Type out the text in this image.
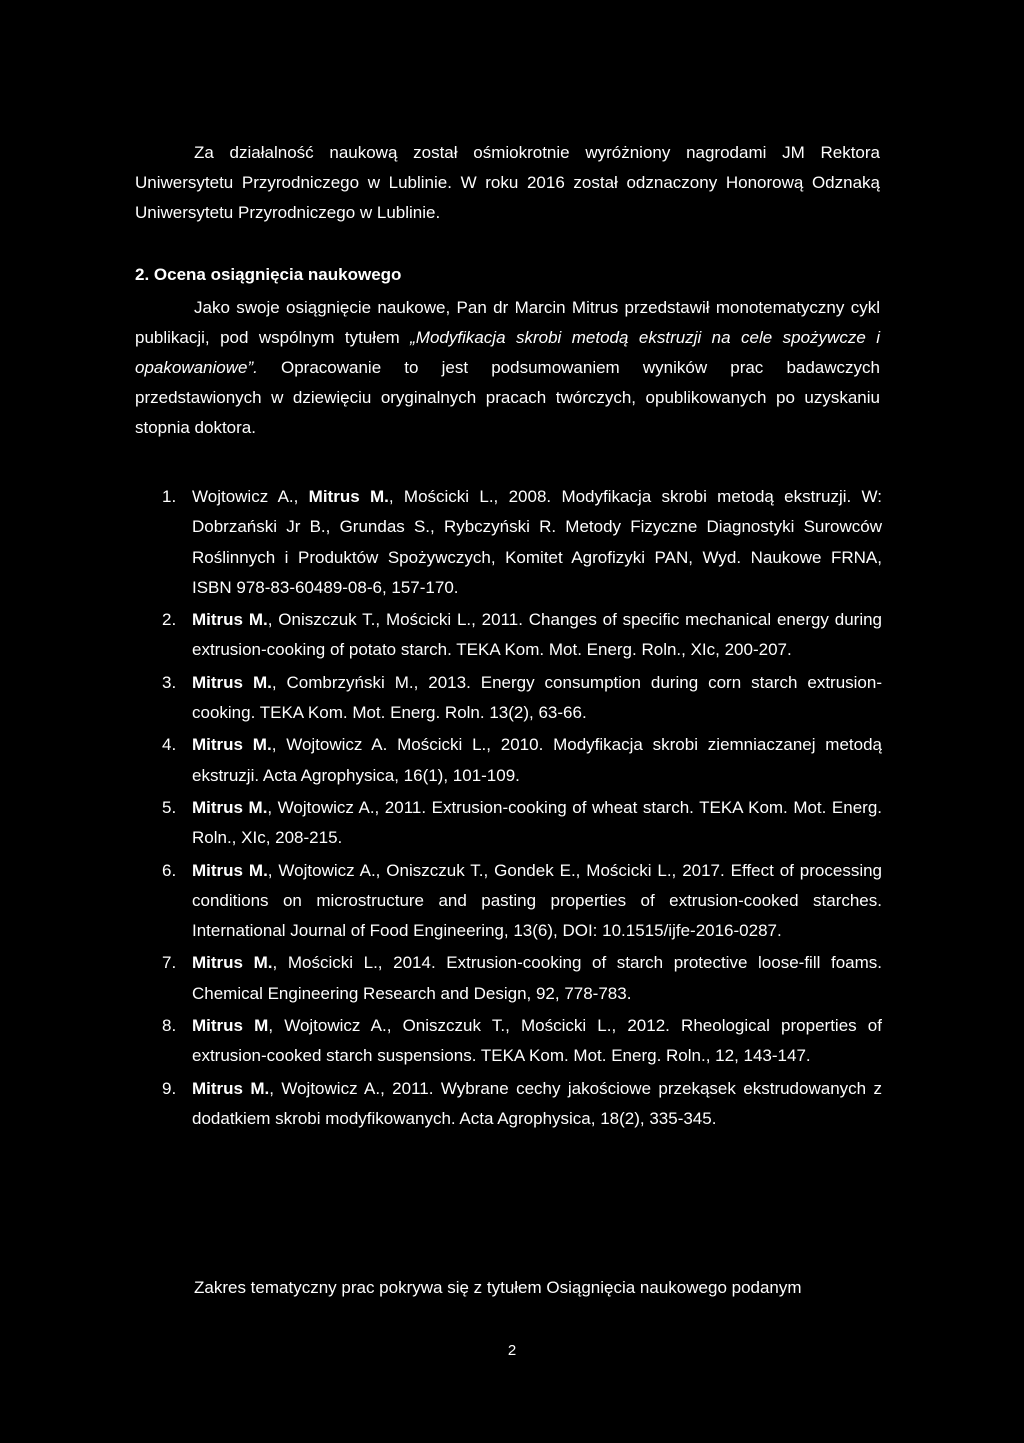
Za działalność naukową został ośmiokrotnie wyróżniony nagrodami JM Rektora Uniwersytetu Przyrodniczego w Lublinie. W roku 2016 został odznaczony Honorową Odznaką Uniwersytetu Przyrodniczego w Lublinie.

2. Ocena osiągnięcia naukowego

Jako swoje osiągnięcie naukowe, Pan dr Marcin Mitrus przedstawił monotematyczny cykl publikacji, pod wspólnym tytułem „Modyfikacja skrobi metodą ekstruzji na cele spożywcze i opakowaniowe”. Opracowanie to jest podsumowaniem wyników prac badawczych przedstawionych w dziewięciu oryginalnych pracach twórczych, opublikowanych po uzyskaniu stopnia doktora.

1. Wojtowicz A., Mitrus M., Mościcki L., 2008. Modyfikacja skrobi metodą ekstruzji. W: Dobrzański Jr B., Grundas S., Rybczyński R. Metody Fizyczne Diagnostyki Surowców Roślinnych i Produktów Spożywczych, Komitet Agrofizyki PAN, Wyd. Naukowe FRNA, ISBN 978-83-60489-08-6, 157-170.
2. Mitrus M., Oniszczuk T., Mościcki L., 2011. Changes of specific mechanical energy during extrusion-cooking of potato starch. TEKA Kom. Mot. Energ. Roln., XIc, 200-207.
3. Mitrus M., Combrzyński M., 2013. Energy consumption during corn starch extrusion-cooking. TEKA Kom. Mot. Energ. Roln. 13(2), 63-66.
4. Mitrus M., Wojtowicz A. Mościcki L., 2010. Modyfikacja skrobi ziemniaczanej metodą ekstruzji. Acta Agrophysica, 16(1), 101-109.
5. Mitrus M., Wojtowicz A., 2011. Extrusion-cooking of wheat starch. TEKA Kom. Mot. Energ. Roln., XIc, 208-215.
6. Mitrus M., Wojtowicz A., Oniszczuk T., Gondek E., Mościcki L., 2017. Effect of processing conditions on microstructure and pasting properties of extrusion-cooked starches. International Journal of Food Engineering, 13(6), DOI: 10.1515/ijfe-2016-0287.
7. Mitrus M., Mościcki L., 2014. Extrusion-cooking of starch protective loose-fill foams. Chemical Engineering Research and Design, 92, 778-783.
8. Mitrus M, Wojtowicz A., Oniszczuk T., Mościcki L., 2012. Rheological properties of extrusion-cooked starch suspensions. TEKA Kom. Mot. Energ. Roln., 12, 143-147.
9. Mitrus M., Wojtowicz A., 2011. Wybrane cechy jakościowe przekąsek ekstrudowanych z dodatkiem skrobi modyfikowanych. Acta Agrophysica, 18(2), 335-345.

Zakres tematyczny prac pokrywa się z tytułem Osiągnięcia naukowego podanym

2
